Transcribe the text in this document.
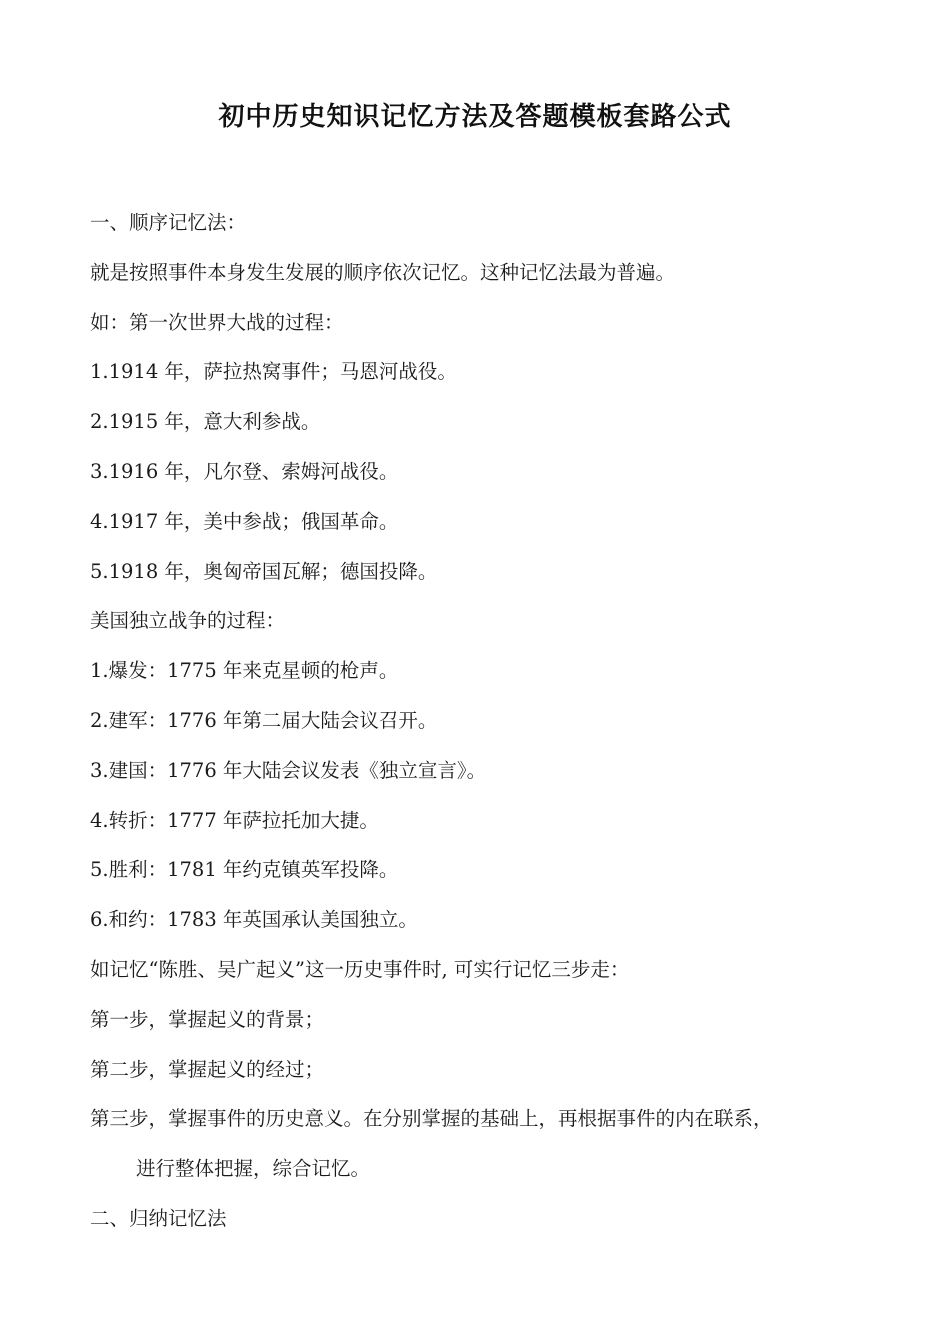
初中历史知识记忆方法及答题模板套路公式
一、顺序记忆法：
就是按照事件本身发生发展的顺序依次记忆。这种记忆法最为普遍。
如：第一次世界大战的过程：
1.1914 年，萨拉热窝事件；马恩河战役。
2.1915 年，意大利参战。
3.1916 年，凡尔登、索姆河战役。
4.1917 年，美中参战；俄国革命。
5.1918 年，奥匈帝国瓦解；德国投降。
美国独立战争的过程：
1.爆发：1775 年来克星顿的枪声。
2.建军：1776 年第二届大陆会议召开。
3.建国：1776 年大陆会议发表《独立宣言》。
4.转折：1777 年萨拉托加大捷。
5.胜利：1781 年约克镇英军投降。
6.和约：1783 年英国承认美国独立。
如记忆“陈胜、吴广起义”这一历史事件时, 可实行记忆三步走：
第一步，掌握起义的背景；
第二步，掌握起义的经过；
第三步，掌握事件的历史意义。在分别掌握的基础上，再根据事件的内在联系，
进行整体把握，综合记忆。
二、归纳记忆法
